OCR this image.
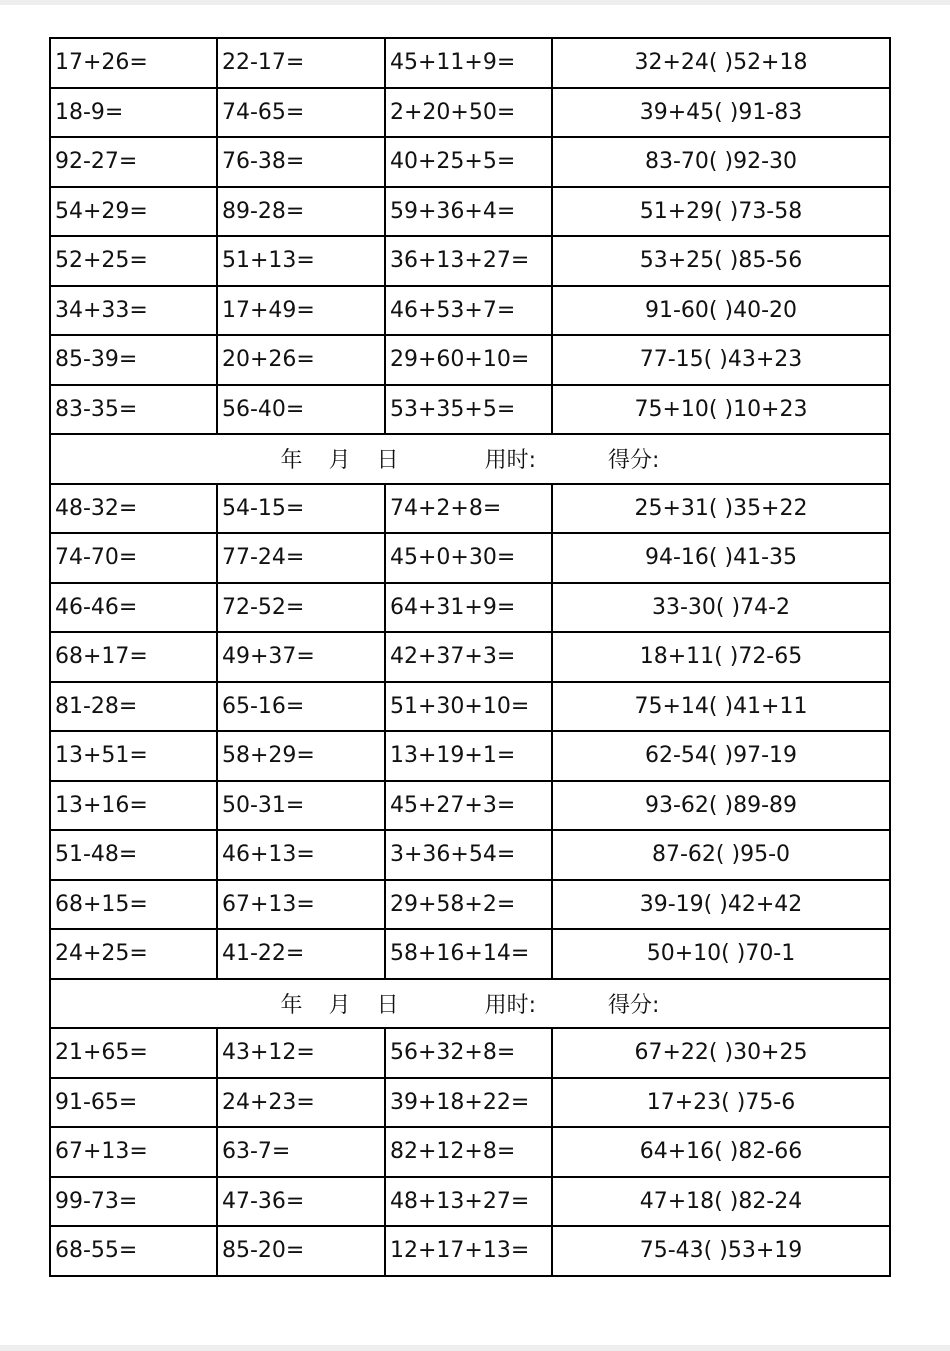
17+26=	22-17=	45+11+9=	32+24( )52+18
18-9=	74-65=	2+20+50=	39+45( )91-83
92-27=	76-38=	40+25+5=	83-70( )92-30
54+29=	89-28=	59+36+4=	51+29( )73-58
52+25=	51+13=	36+13+27=	53+25( )85-56
34+33=	17+49=	46+53+7=	91-60( )40-20
85-39=	20+26=	29+60+10=	77-15( )43+23
83-35=	56-40=	53+35+5=	75+10( )10+23
年 月 日 用时: 得分:			
48-32=	54-15=	74+2+8=	25+31( )35+22
74-70=	77-24=	45+0+30=	94-16( )41-35
46-46=	72-52=	64+31+9=	33-30( )74-2
68+17=	49+37=	42+37+3=	18+11( )72-65
81-28=	65-16=	51+30+10=	75+14( )41+11
13+51=	58+29=	13+19+1=	62-54( )97-19
13+16=	50-31=	45+27+3=	93-62( )89-89
51-48=	46+13=	3+36+54=	87-62( )95-0
68+15=	67+13=	29+58+2=	39-19( )42+42
24+25=	41-22=	58+16+14=	50+10( )70-1
年 月 日 用时: 得分:			
21+65=	43+12=	56+32+8=	67+22( )30+25
91-65=	24+23=	39+18+22=	17+23( )75-6
67+13=	63-7=	82+12+8=	64+16( )82-66
99-73=	47-36=	48+13+27=	47+18( )82-24
68-55=	85-20=	12+17+13=	75-43( )53+19
